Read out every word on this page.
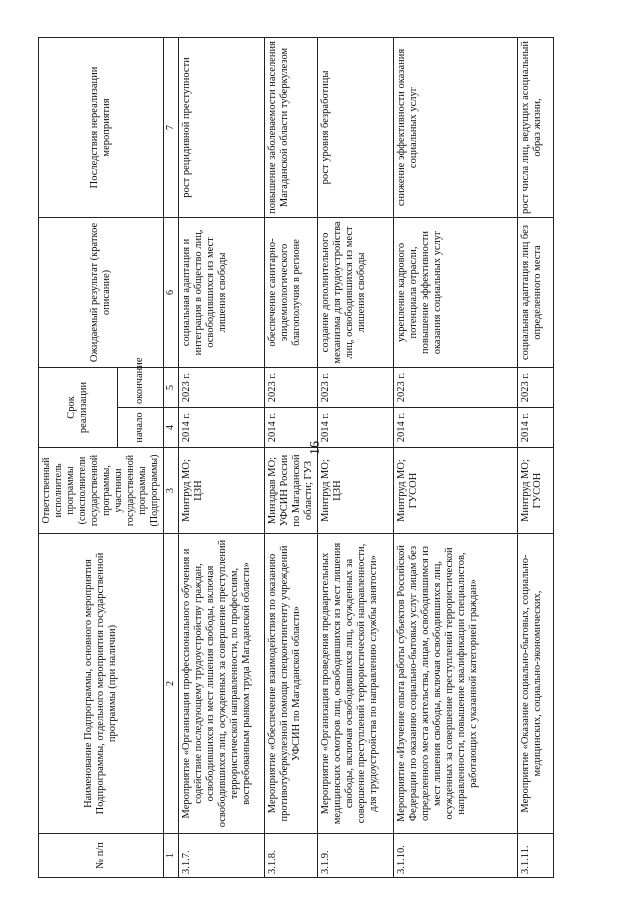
16
№ п/п	Наименование Подпрограммы, основного мероприятия Подпрограммы, отдельного мероприятия государственной программы (при наличии)	Ответственный исполнитель программы (соисполнители государственной программы, участники государственной программы (Подпрограммы)	Срок реализации		Ожидаемый результат (краткое описание)	Последствия нереализации мероприятия
			начало	окончание		
1	2	3	4	5	6	7
3.1.7.	Мероприятие «Организация профессионального обучения и содействие последующему трудоустройству граждан, освободившихся из мест лишения свободы, включая освободившихся лиц, осужденных за совершение преступлений террористической направленности, по профессиям, востребованным рынком труда Магаданской области»	Минтруд МО; ЦЗН	2014 г.	2023 г.	социальная адаптация и интеграция в общество лиц, освободившихся из мест лишения свободы	рост рецидивной преступности
3.1.8.	Мероприятие «Обеспечение взаимодействия по оказанию противотуберкулезной помощи спецконтингенту учреждений УФСИН по Магаданской области»	Минздрав МО; УФСИН России по Магаданской области; ГУЗ	2014 г.	2023 г.	обеспечение санитарно-эпидемиологического благополучия в регионе	повышение заболеваемости населения Магаданской области туберкулезом
3.1.9.	Мероприятие «Организация проведения предварительных медицинских осмотров лиц, освободившихся из мест лишения свободы, включая освободившихся лиц, осужденных за совершение преступлений террористической направленности, для трудоустройства по направлению службы занятости»	Минтруд МО; ЦЗН	2014 г.	2023 г.	создание дополнительного механизма для трудоустройства лиц, освободившихся из мест лишения свободы	рост уровня безработицы
3.1.10.	Мероприятие «Изучение опыта работы субъектов Российской Федерации по оказанию социально-бытовых услуг лицам без определенного места жительства, лицам, освободившимся из мест лишения свободы, включая освободившихся лиц, осужденных за совершение преступлений террористической направленности, повышение квалификации специалистов, работающих с указанной категорией граждан»	Минтруд МО; ГУСОН	2014 г.	2023 г.	укрепление кадрового потенциала отрасли, повышение эффективности оказания социальных услуг	снижение эффективности оказания социальных услуг
3.1.11.	Мероприятие «Оказание социально-бытовых, социально-медицинских, социально-экономических,	Минтруд МО; ГУСОН	2014 г.	2023 г.	социальная адаптация лиц без определенного места	рост числа лиц, ведущих асоциальный образ жизни,
